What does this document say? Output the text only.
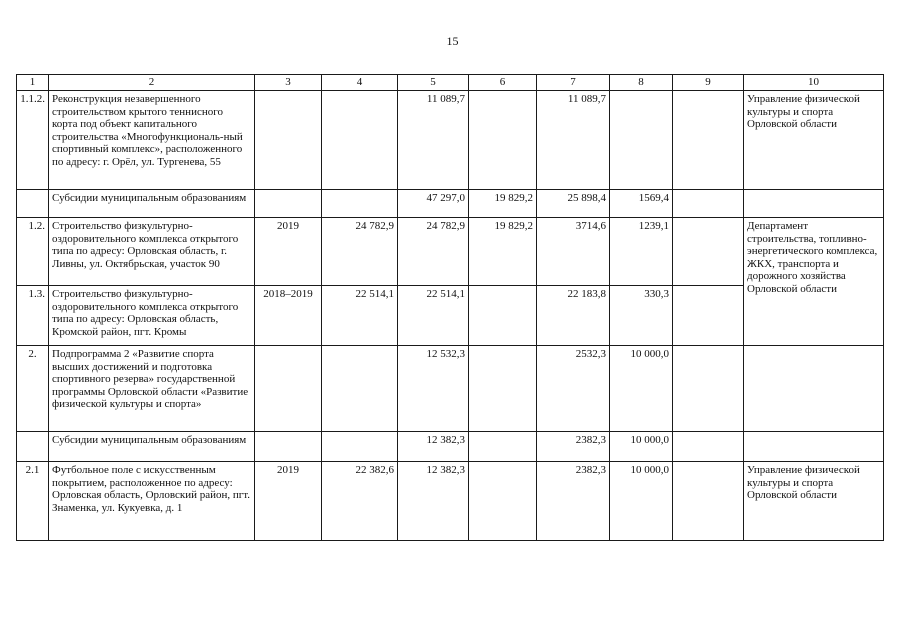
15
1	2	3	4	5	6	7	8	9	10
1.1.2.	Реконструкция незавершенного строительством крытого теннисного корта под объект капитального строительства «Многофункциональ-ный спортивный комплекс», расположенного по адресу: г. Орёл, ул. Тургенева, 55			11 089,7		11 089,7			Управление физической культуры и спорта Орловской области
	Субсидии муниципальным образованиям			47 297,0	19 829,2	25 898,4	1569,4		
1.2.	Строительство физкультурно-оздоровительного комплекса открытого типа по адресу: Орловская область, г. Ливны, ул. Октябрьская, участок 90	2019	24 782,9	24 782,9	19 829,2	3714,6	1239,1		Департамент строительства, топливно-энергетического комплекса, ЖКХ, транспорта и дорожного хозяйства Орловской области
1.3.	Строительство физкультурно-оздоровительного комплекса открытого типа по адресу: Орловская область, Кромской район, пгт. Кромы	2018–2019	22 514,1	22 514,1		22 183,8	330,3		
2.	Подпрограмма 2 «Развитие спорта высших достижений и подготовка спортивного резерва» государственной программы Орловской области «Развитие физической культуры и спорта»			12 532,3		2532,3	10 000,0		
	Субсидии муниципальным образованиям			12 382,3		2382,3	10 000,0		
2.1	Футбольное поле с искусственным покрытием, расположенное по адресу: Орловская область, Орловский район, пгт. Знаменка, ул. Кукуевка, д. 1	2019	22 382,6	12 382,3		2382,3	10 000,0		Управление физической культуры и спорта Орловской области
